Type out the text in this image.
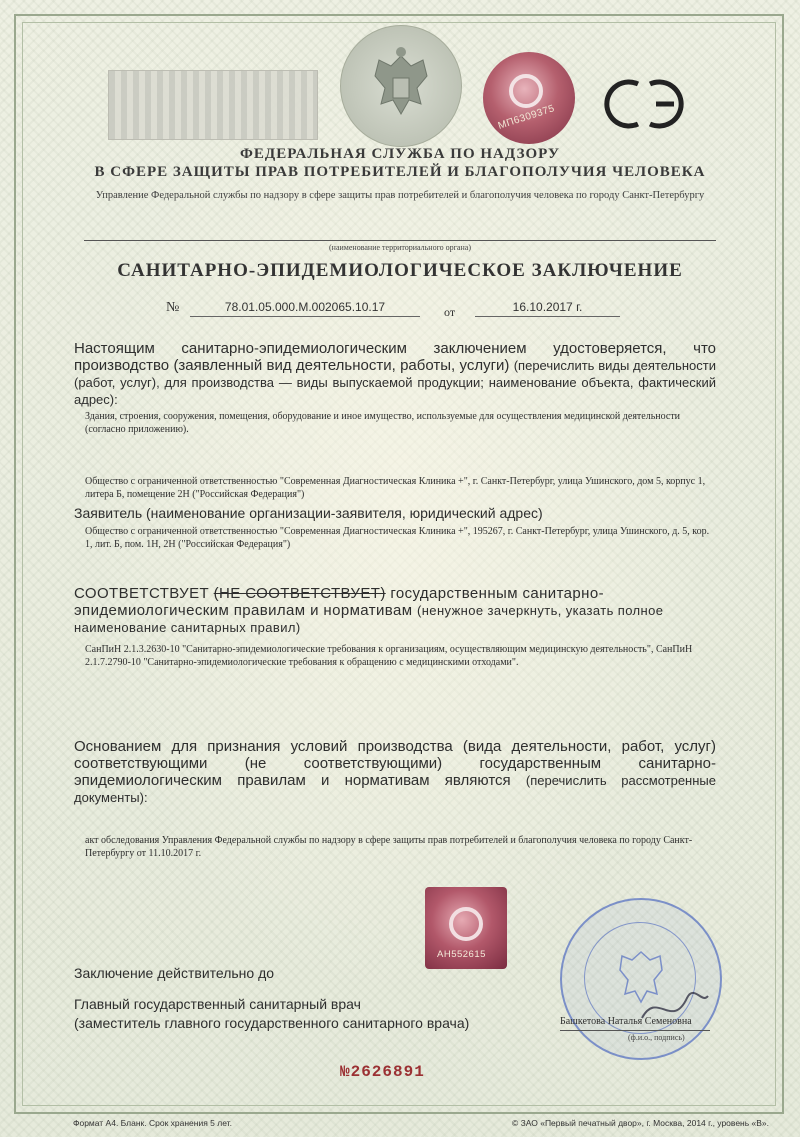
МП6309375
ФЕДЕРАЛЬНАЯ СЛУЖБА ПО НАДЗОРУ
В СФЕРЕ ЗАЩИТЫ ПРАВ ПОТРЕБИТЕЛЕЙ И БЛАГОПОЛУЧИЯ ЧЕЛОВЕКА
Управление Федеральной службы по надзору в сфере защиты прав потребителей и благополучия человека по городу Санкт-Петербургу
(наименование территориального органа)
САНИТАРНО-ЭПИДЕМИОЛОГИЧЕСКОЕ ЗАКЛЮЧЕНИЕ
№	78.01.05.000.М.002065.10.17	от	16.10.2017 г.
Настоящим санитарно-эпидемиологическим заключением удостоверяется, что производство (заявленный вид деятельности, работы, услуги) (перечислить виды деятельности (работ, услуг), для производства — виды выпускаемой продукции; наименование объекта, фактический адрес):
Здания, строения, сооружения, помещения, оборудование и иное имущество, используемые для осуществления медицинской деятельности (согласно приложению).
Общество с ограниченной ответственностью "Современная Диагностическая Клиника +", г. Санкт-Петербург, улица Ушинского, дом 5, корпус 1, литера Б, помещение 2Н ("Российская Федерация")
Заявитель (наименование организации-заявителя, юридический адрес)
Общество с ограниченной ответственностью "Современная Диагностическая Клиника +", 195267, г. Санкт-Петербург, улица Ушинского, д. 5, кор. 1, лит. Б, пом. 1Н, 2Н ("Российская Федерация")
СООТВЕТСТВУЕТ (НЕ СООТВЕТСТВУЕТ) государственным санитарно-эпидемиологическим правилам и нормативам (ненужное зачеркнуть, указать полное наименование санитарных правил)
СанПиН 2.1.3.2630-10 "Санитарно-эпидемиологические требования к организациям, осуществляющим медицинскую деятельность", СанПиН 2.1.7.2790-10 "Санитарно-эпидемиологические требования к обращению с медицинскими отходами".
Основанием для признания условий производства (вида деятельности, работ, услуг) соответствующими (не соответствующими) государственным санитарно-эпидемиологическим правилам и нормативам являются (перечислить рассмотренные документы):
акт обследования Управления Федеральной службы по надзору в сфере защиты прав потребителей и благополучия человека по городу Санкт-Петербургу от 11.10.2017 г.
АН552615
Заключение действительно до
Главный государственный санитарный врач
(заместитель главного государственного санитарного врача)	Башкетова Наталья Семеновна
(ф.и.о., подпись)
№2626891
Формат А4. Бланк. Срок хранения 5 лет.	© ЗАО «Первый печатный двор», г. Москва, 2014 г., уровень «В».
